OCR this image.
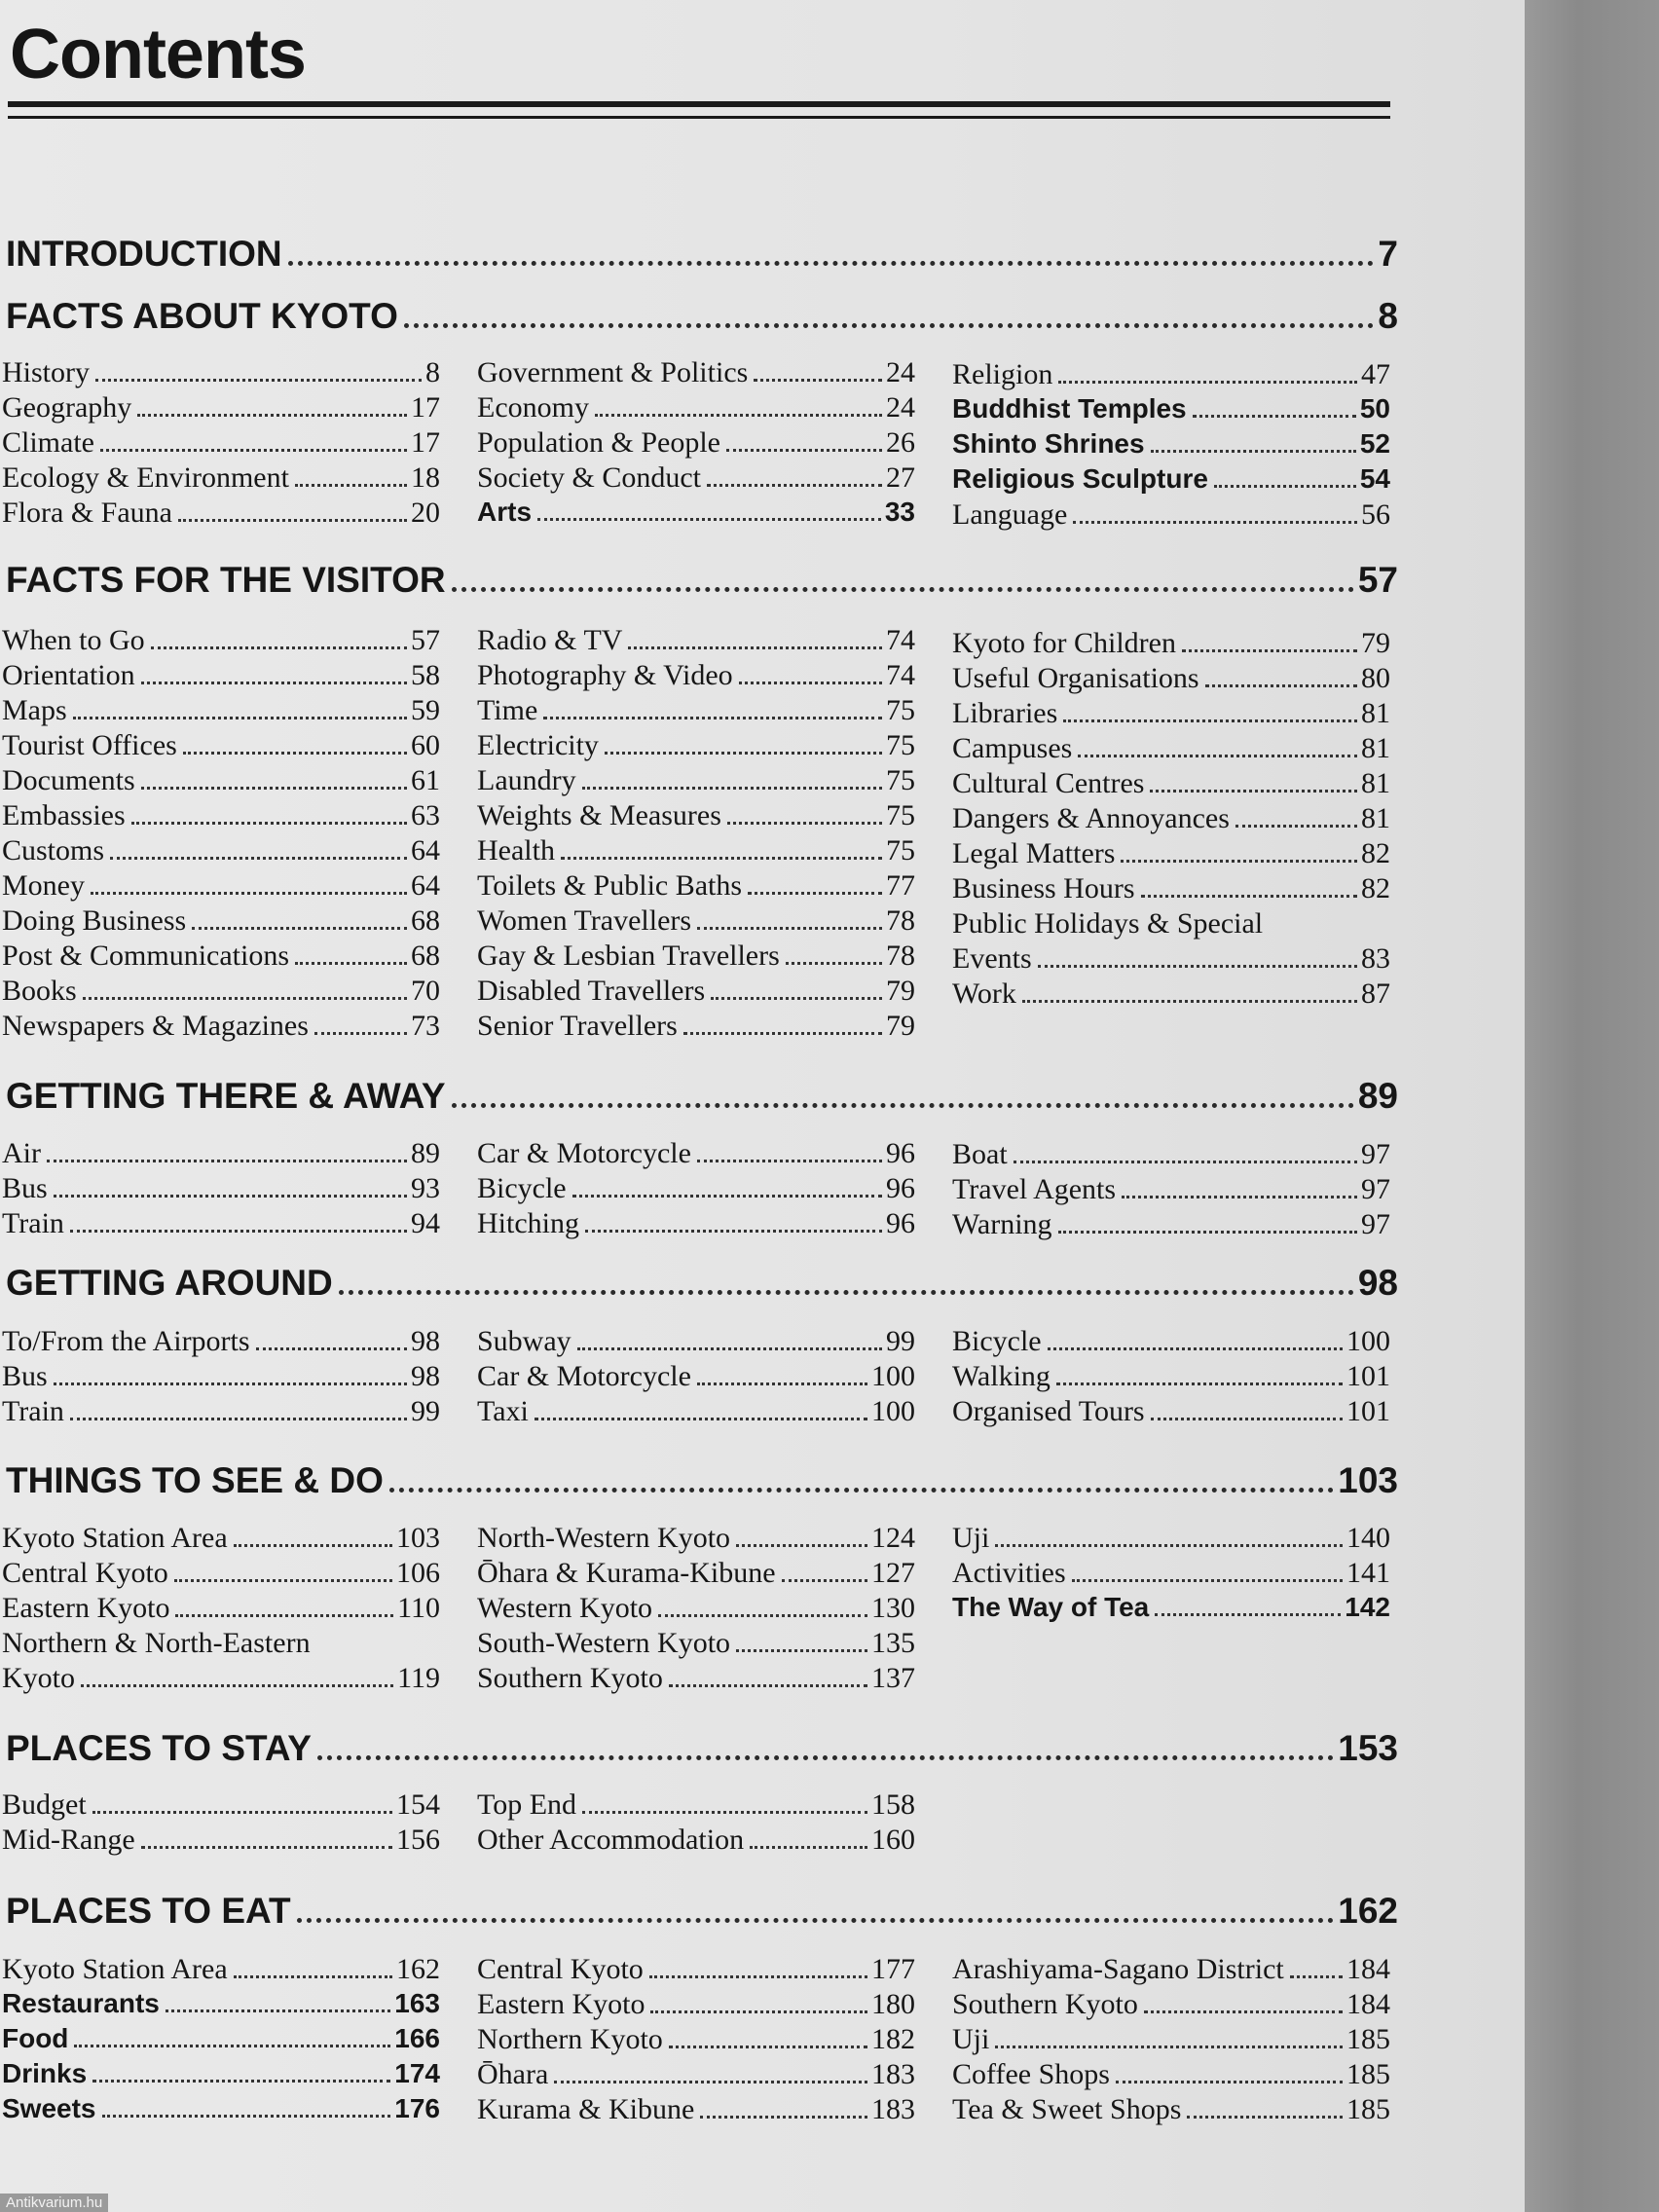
Contents
INTRODUCTION	7
FACTS ABOUT KYOTO	8
History	8
Geography	17
Climate	17
Ecology & Environment	18
Flora & Fauna	20
Government & Politics	24
Economy	24
Population & People	26
Society & Conduct	27
Arts	33
Religion	47
Buddhist Temples	50
Shinto Shrines	52
Religious Sculpture	54
Language	56
FACTS FOR THE VISITOR	57
When to Go	57
Orientation	58
Maps	59
Tourist Offices	60
Documents	61
Embassies	63
Customs	64
Money	64
Doing Business	68
Post & Communications	68
Books	70
Newspapers & Magazines	73
Radio & TV	74
Photography & Video	74
Time	75
Electricity	75
Laundry	75
Weights & Measures	75
Health	75
Toilets & Public Baths	77
Women Travellers	78
Gay & Lesbian Travellers	78
Disabled Travellers	79
Senior Travellers	79
Kyoto for Children	79
Useful Organisations	80
Libraries	81
Campuses	81
Cultural Centres	81
Dangers & Annoyances	81
Legal Matters	82
Business Hours	82
Public Holidays & Special
Events	83
Work	87
GETTING THERE & AWAY	89
Air	89
Bus	93
Train	94
Car & Motorcycle	96
Bicycle	96
Hitching	96
Boat	97
Travel Agents	97
Warning	97
GETTING AROUND	98
To/From the Airports	98
Bus	98
Train	99
Subway	99
Car & Motorcycle	100
Taxi	100
Bicycle	100
Walking	101
Organised Tours	101
THINGS TO SEE & DO	103
Kyoto Station Area	103
Central Kyoto	106
Eastern Kyoto	110
Northern & North-Eastern
Kyoto	119
North-Western Kyoto	124
Ōhara & Kurama-Kibune	127
Western Kyoto	130
South-Western Kyoto	135
Southern Kyoto	137
Uji	140
Activities	141
The Way of Tea	142
PLACES TO STAY	153
Budget	154
Mid-Range	156
Top End	158
Other Accommodation	160
PLACES TO EAT	162
Kyoto Station Area	162
Restaurants	163
Food	166
Drinks	174
Sweets	176
Central Kyoto	177
Eastern Kyoto	180
Northern Kyoto	182
Ōhara	183
Kurama & Kibune	183
Arashiyama-Sagano District 184
Southern Kyoto	184
Uji	185
Coffee Shops	185
Tea & Sweet Shops	185
Antikvarium.hu
